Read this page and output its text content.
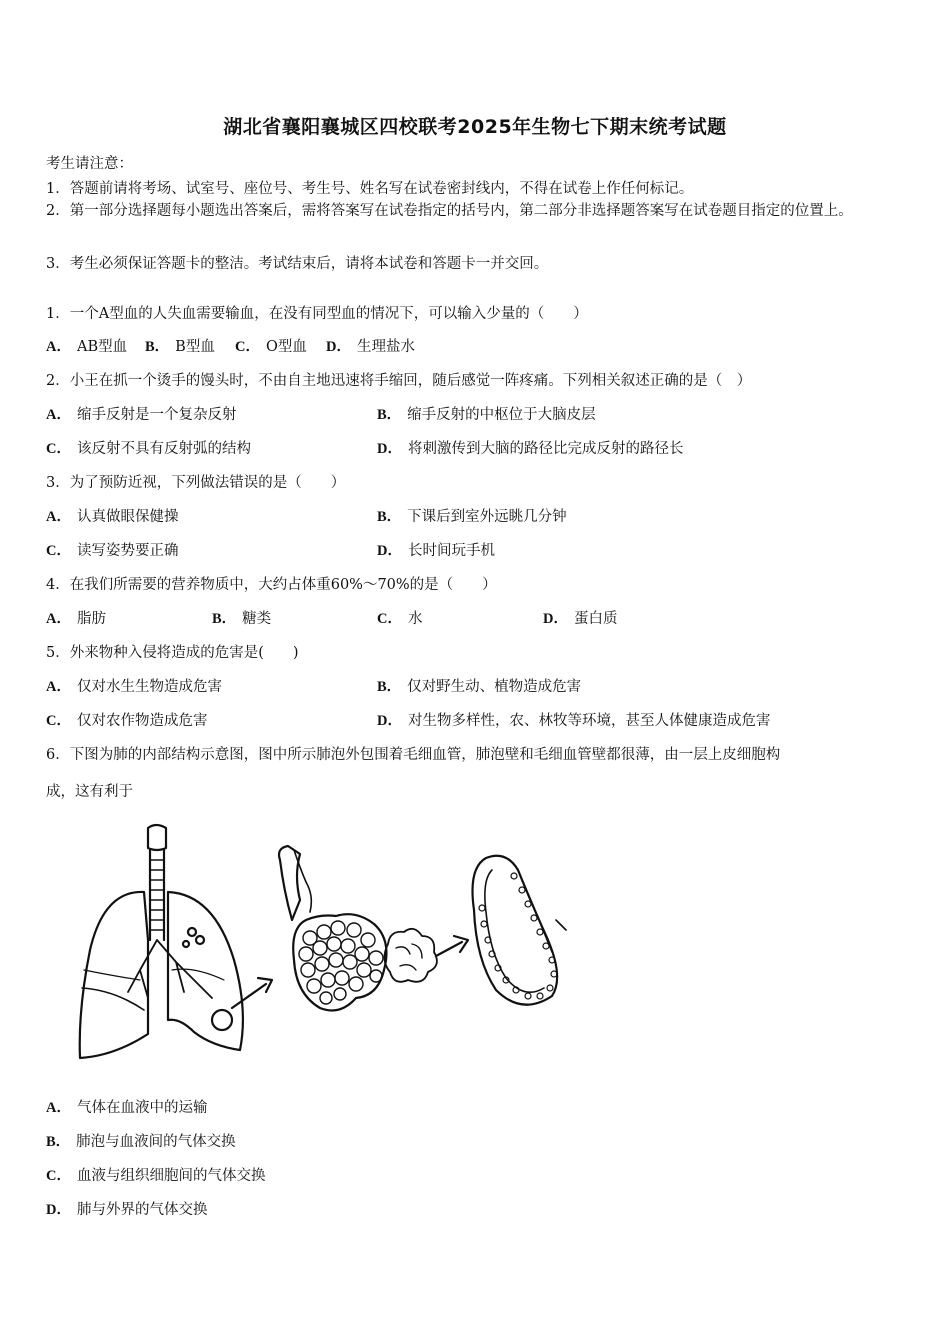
湖北省襄阳襄城区四校联考2025年生物七下期末统考试题
考生请注意：
1．答题前请将考场、试室号、座位号、考生号、姓名写在试卷密封线内，不得在试卷上作任何标记。
2．第一部分选择题每小题选出答案后，需将答案写在试卷指定的括号内，第二部分非选择题答案写在试卷题目指定的位置上。
3．考生必须保证答题卡的整洁。考试结束后，请将本试卷和答题卡一并交回。
1．一个A型血的人失血需要输血，在没有同型血的情况下，可以输入少量的（　　）
A． AB型血 B． B型血 C． O型血 D． 生理盐水
2．小王在抓一个烫手的馒头时，不由自主地迅速将手缩回，随后感觉一阵疼痛。下列相关叙述正确的是（　）
A． 缩手反射是一个复杂反射	B． 缩手反射的中枢位于大脑皮层
C． 该反射不具有反射弧的结构	D． 将刺激传到大脑的路径比完成反射的路径长
3．为了预防近视，下列做法错误的是（　　）
A． 认真做眼保健操	B． 下课后到室外远眺几分钟
C． 读写姿势要正确	D． 长时间玩手机
4．在我们所需要的营养物质中，大约占体重60%～70%的是（　　）
A． 脂肪	B． 糖类	C． 水	D． 蛋白质
5．外来物种入侵将造成的危害是(　　)
A． 仅对水生生物造成危害	B． 仅对野生动、植物造成危害
C． 仅对农作物造成危害	D． 对生物多样性，农、林牧等环境，甚至人体健康造成危害
6．下图为肺的内部结构示意图，图中所示肺泡外包围着毛细血管，肺泡壁和毛细血管壁都很薄，由一层上皮细胞构
成，这有利于
A． 气体在血液中的运输
B． 肺泡与血液间的气体交换
C． 血液与组织细胞间的气体交换
D． 肺与外界的气体交换
